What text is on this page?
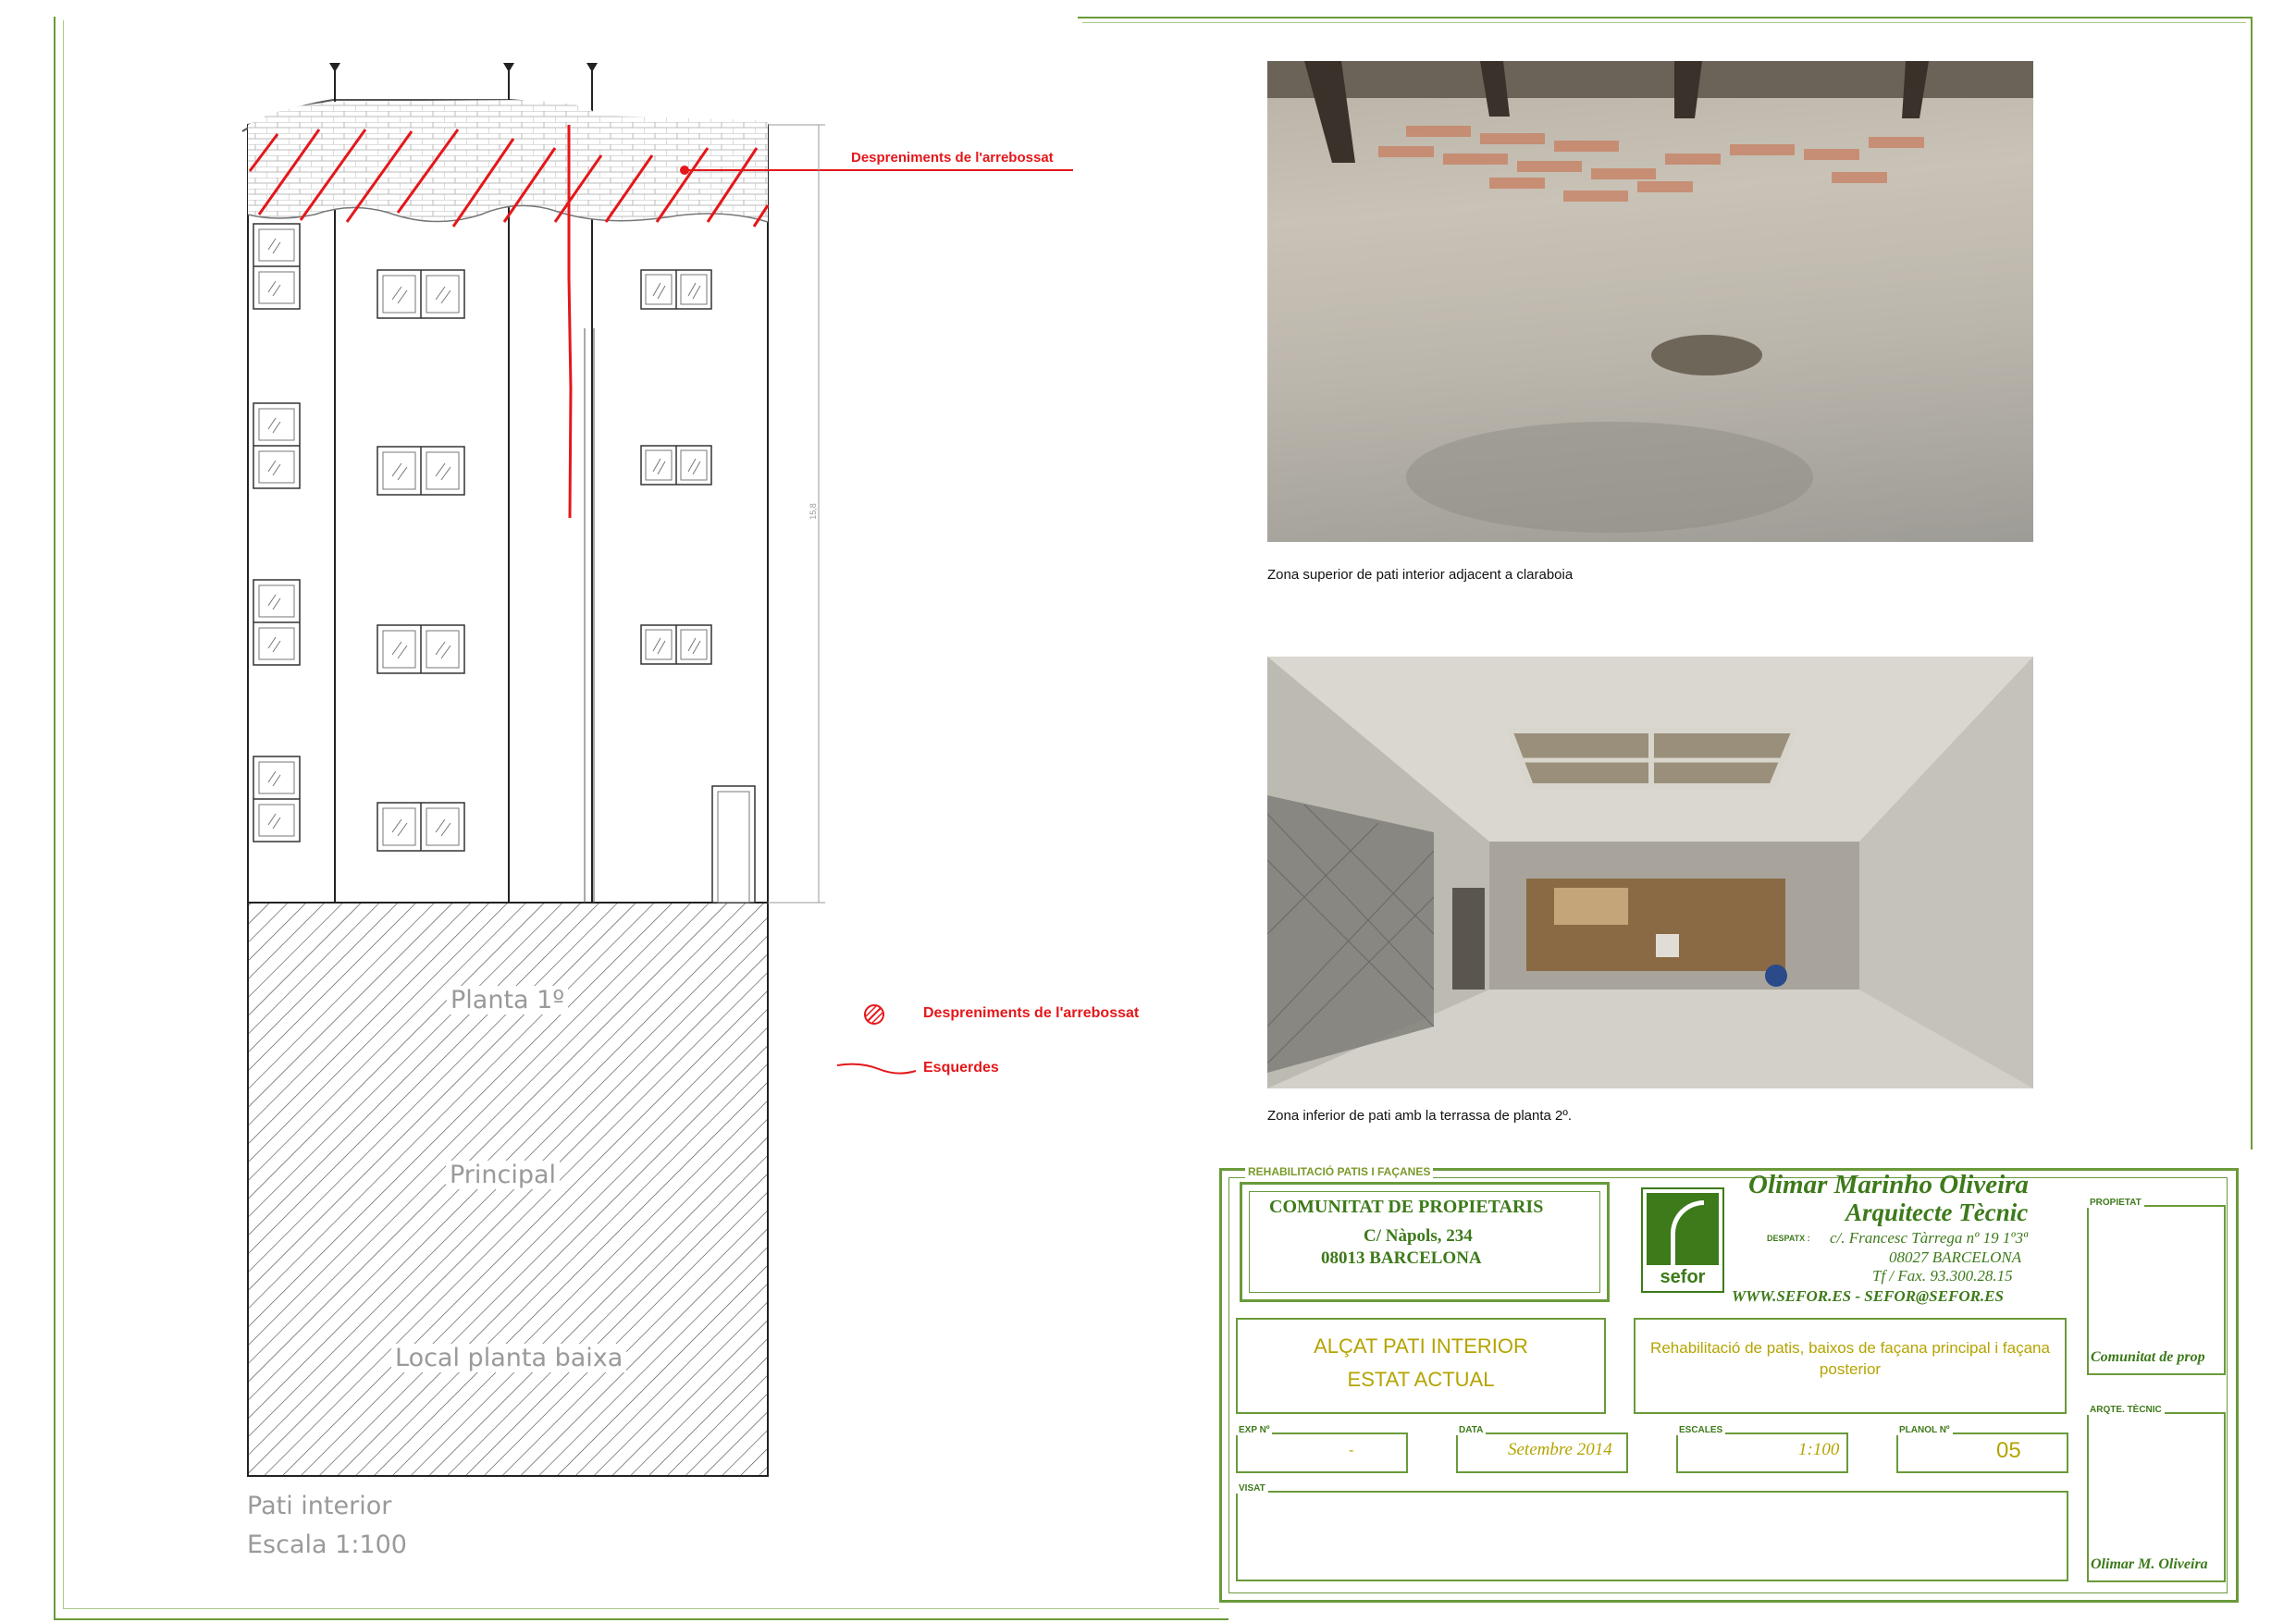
Despreniments de l'arrebossat
15,8
Planta 1º
Principal
Local planta baixa
Pati interior
Escala 1:100
Despreniments de l'arrebossat
Esquerdes
Zona superior de pati interior adjacent a claraboia
Zona inferior de pati amb la terrassa de planta 2º.
REHABILITACIÓ PATIS I FAÇANES
COMUNITAT DE PROPIETARIS
C/ Nàpols, 234
08013 BARCELONA
sefor
Olimar Marinho Oliveira
Arquitecte Tècnic
DESPATX : c/. Francesc Tàrrega nº 19 1º3ª
08027 BARCELONA
Tf / Fax. 93.300.28.15
WWW.SEFOR.ES - SEFOR@SEFOR.ES
ALÇAT PATI INTERIOR
ESTAT ACTUAL
Rehabilitació de patis, baixos de façana principal i façana posterior
EXP Nº
-
DATA
Setembre 2014
ESCALES
1:100
PLANOL Nº
05
VISAT
PROPIETAT
Comunitat de prop
ARQTE. TÈCNIC
Olimar M. Oliveira
